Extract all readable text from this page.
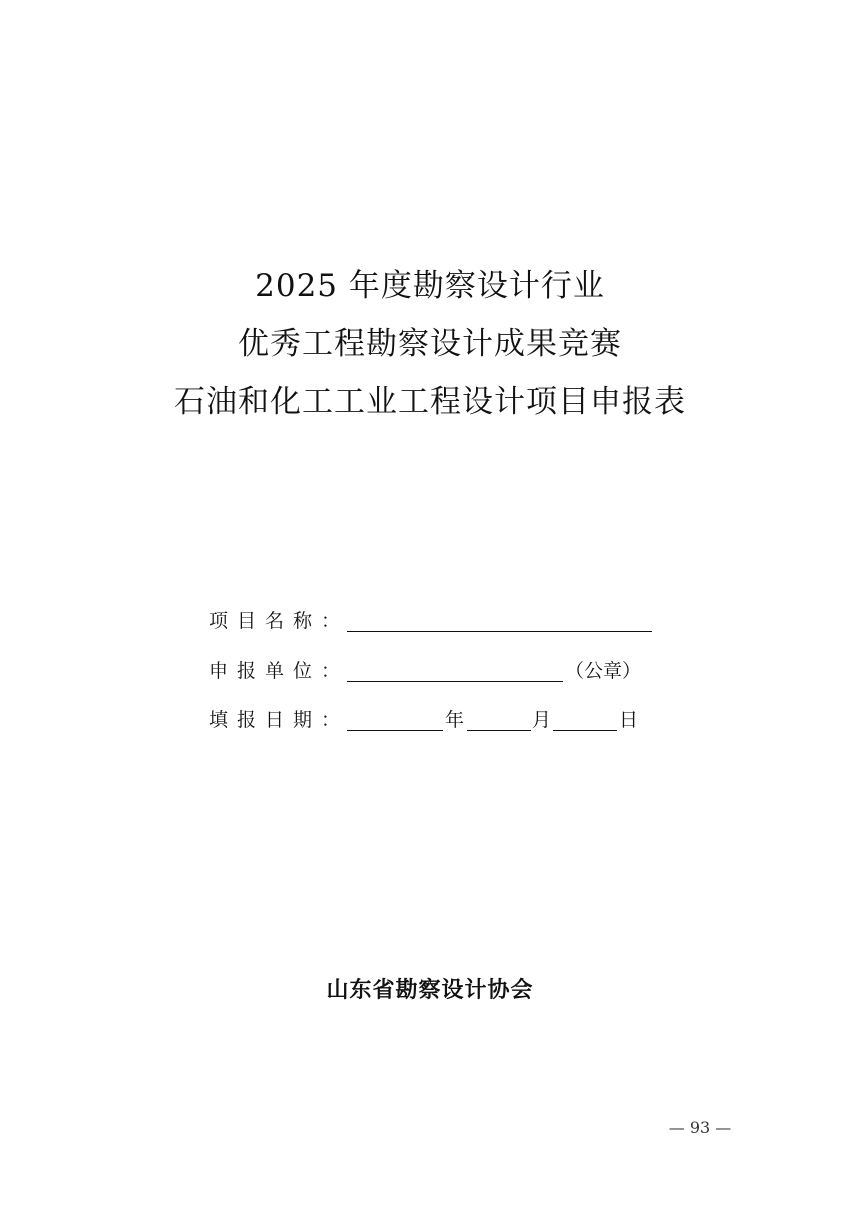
2025 年度勘察设计行业
优秀工程勘察设计成果竞赛
石油和化工工业工程设计项目申报表
项目名称：
申报单位：	（公章）
填报日期：	年	月	日
山东省勘察设计协会
— 93 —
